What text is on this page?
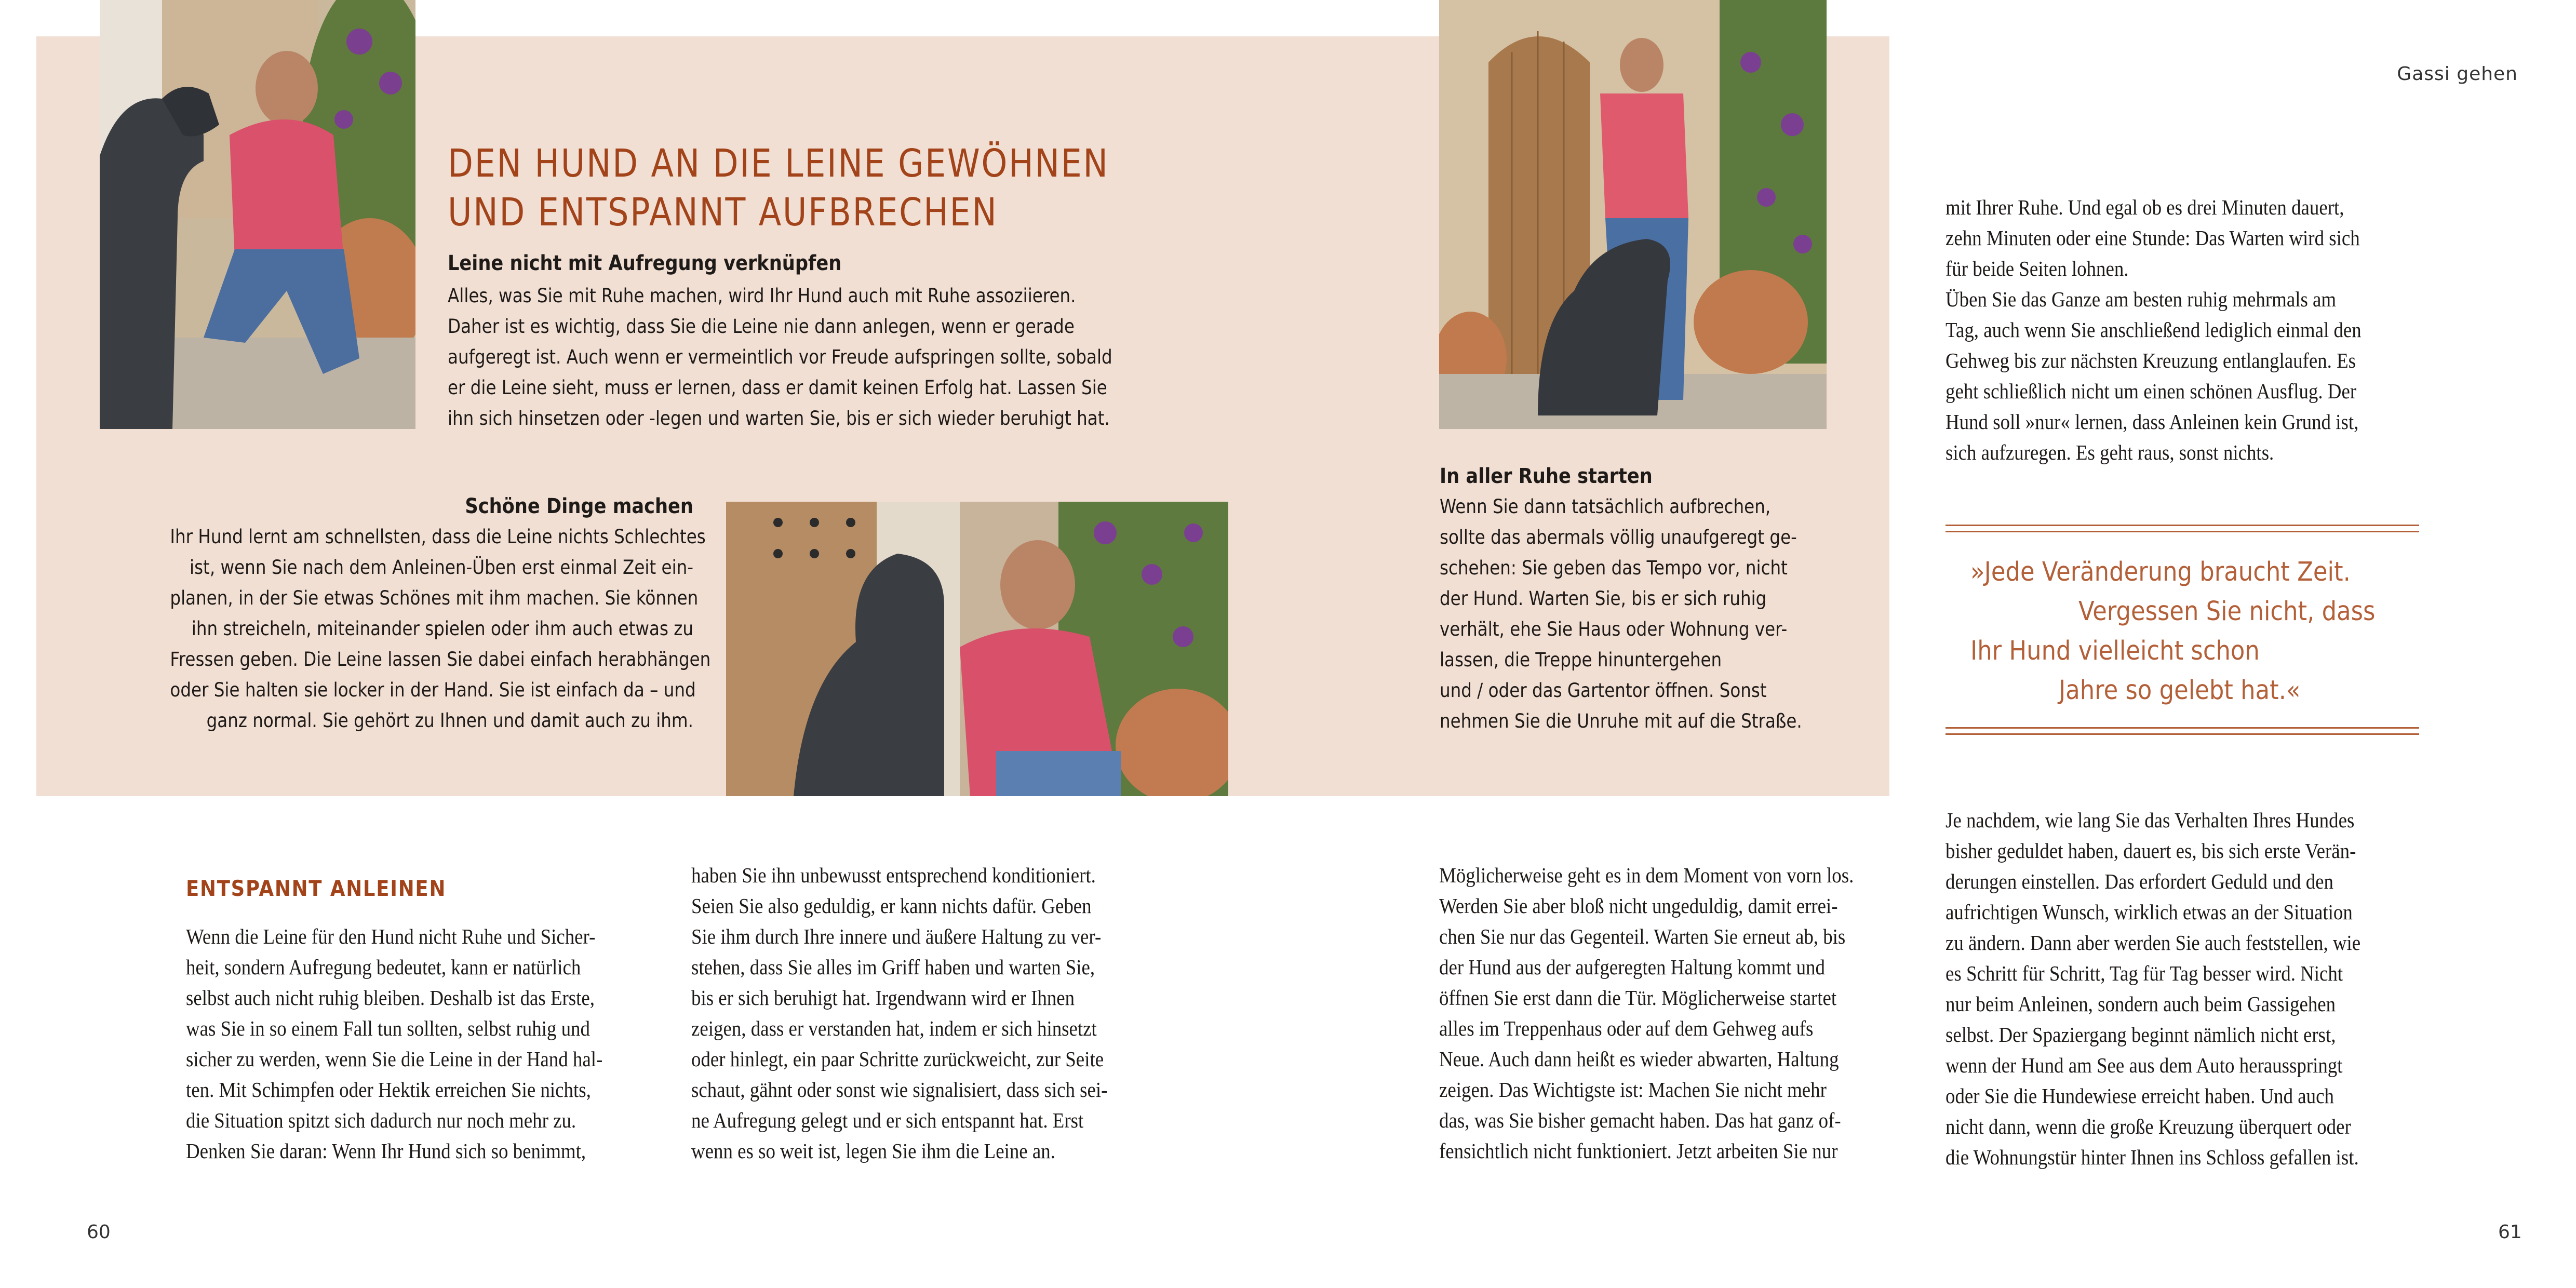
Gassi gehen
60	61
DEN HUND AN DIE LEINE GEWÖHNEN
UND ENTSPANNT AUFBRECHEN
Leine nicht mit Aufregung verknüpfen

Alles, was Sie mit Ruhe machen, wird Ihr Hund auch mit Ruhe assoziieren.
Daher ist es wichtig, dass Sie die Leine nie dann anlegen, wenn er gerade
aufgeregt ist. Auch wenn er vermeintlich vor Freude aufspringen sollte, sobald
er die Leine sieht, muss er lernen, dass er damit keinen Erfolg hat. Lassen Sie
ihn sich hinsetzen oder -legen und warten Sie, bis er sich wieder beruhigt hat.

Schöne Dinge machen

Ihr Hund lernt am schnellsten, dass die Leine nichts Schlechtes
ist, wenn Sie nach dem Anleinen-Üben erst einmal Zeit ein-
planen, in der Sie etwas Schönes mit ihm machen. Sie können
ihn streicheln, miteinander spielen oder ihm auch etwas zu
Fressen geben. Die Leine lassen Sie dabei einfach herabhängen
oder Sie halten sie locker in der Hand. Sie ist einfach da – und
ganz normal. Sie gehört zu Ihnen und damit auch zu ihm.

In aller Ruhe starten

Wenn Sie dann tatsächlich aufbrechen,
sollte das abermals völlig unaufgeregt ge-
schehen: Sie geben das Tempo vor, nicht
der Hund. Warten Sie, bis er sich ruhig
verhält, ehe Sie Haus oder Wohnung ver-
lassen, die Treppe hinuntergehen
und / oder das Gartentor öffnen. Sonst
nehmen Sie die Unruhe mit auf die Straße.

ENTSPANNT ANLEINEN
Wenn die Leine für den Hund nicht Ruhe und Sicher-
heit, sondern Aufregung bedeutet, kann er natürlich
selbst auch nicht ruhig bleiben. Deshalb ist das Erste,
was Sie in so einem Fall tun sollten, selbst ruhig und
sicher zu werden, wenn Sie die Leine in der Hand hal-
ten. Mit Schimpfen oder Hektik erreichen Sie nichts,
die Situation spitzt sich dadurch nur noch mehr zu.
Denken Sie daran: Wenn Ihr Hund sich so benimmt,
haben Sie ihn unbewusst entsprechend konditioniert.
Seien Sie also geduldig, er kann nichts dafür. Geben
Sie ihm durch Ihre innere und äußere Haltung zu ver-
stehen, dass Sie alles im Griff haben und warten Sie,
bis er sich beruhigt hat. Irgendwann wird er Ihnen
zeigen, dass er verstanden hat, indem er sich hinsetzt
oder hinlegt, ein paar Schritte zurückweicht, zur Seite
schaut, gähnt oder sonst wie signalisiert, dass sich sei-
ne Aufregung gelegt und er sich entspannt hat. Erst
wenn es so weit ist, legen Sie ihm die Leine an.
Möglicherweise geht es in dem Moment von vorn los.
Werden Sie aber bloß nicht ungeduldig, damit errei-
chen Sie nur das Gegenteil. Warten Sie erneut ab, bis
der Hund aus der aufgeregten Haltung kommt und
öffnen Sie erst dann die Tür. Möglicherweise startet
alles im Treppenhaus oder auf dem Gehweg aufs
Neue. Auch dann heißt es wieder abwarten, Haltung
zeigen. Das Wichtigste ist: Machen Sie nicht mehr
das, was Sie bisher gemacht haben. Das hat ganz of-
fensichtlich nicht funktioniert. Jetzt arbeiten Sie nur
mit Ihrer Ruhe. Und egal ob es drei Minuten dauert,
zehn Minuten oder eine Stunde: Das Warten wird sich
für beide Seiten lohnen.
Üben Sie das Ganze am besten ruhig mehrmals am
Tag, auch wenn Sie anschließend lediglich einmal den
Gehweg bis zur nächsten Kreuzung entlanglaufen. Es
geht schließlich nicht um einen schönen Ausflug. Der
Hund soll »nur« lernen, dass Anleinen kein Grund ist,
sich aufzuregen. Es geht raus, sonst nichts.
»Jede Veränderung braucht Zeit.
Vergessen Sie nicht, dass
Ihr Hund vielleicht schon
Jahre so gelebt hat.«
Je nachdem, wie lang Sie das Verhalten Ihres Hundes
bisher geduldet haben, dauert es, bis sich erste Verän-
derungen einstellen. Das erfordert Geduld und den
aufrichtigen Wunsch, wirklich etwas an der Situation
zu ändern. Dann aber werden Sie auch feststellen, wie
es Schritt für Schritt, Tag für Tag besser wird. Nicht
nur beim Anleinen, sondern auch beim Gassigehen
selbst. Der Spaziergang beginnt nämlich nicht erst,
wenn der Hund am See aus dem Auto herausspringt
oder Sie die Hundewiese erreicht haben. Und auch
nicht dann, wenn die große Kreuzung überquert oder
die Wohnungstür hinter Ihnen ins Schloss gefallen ist.
